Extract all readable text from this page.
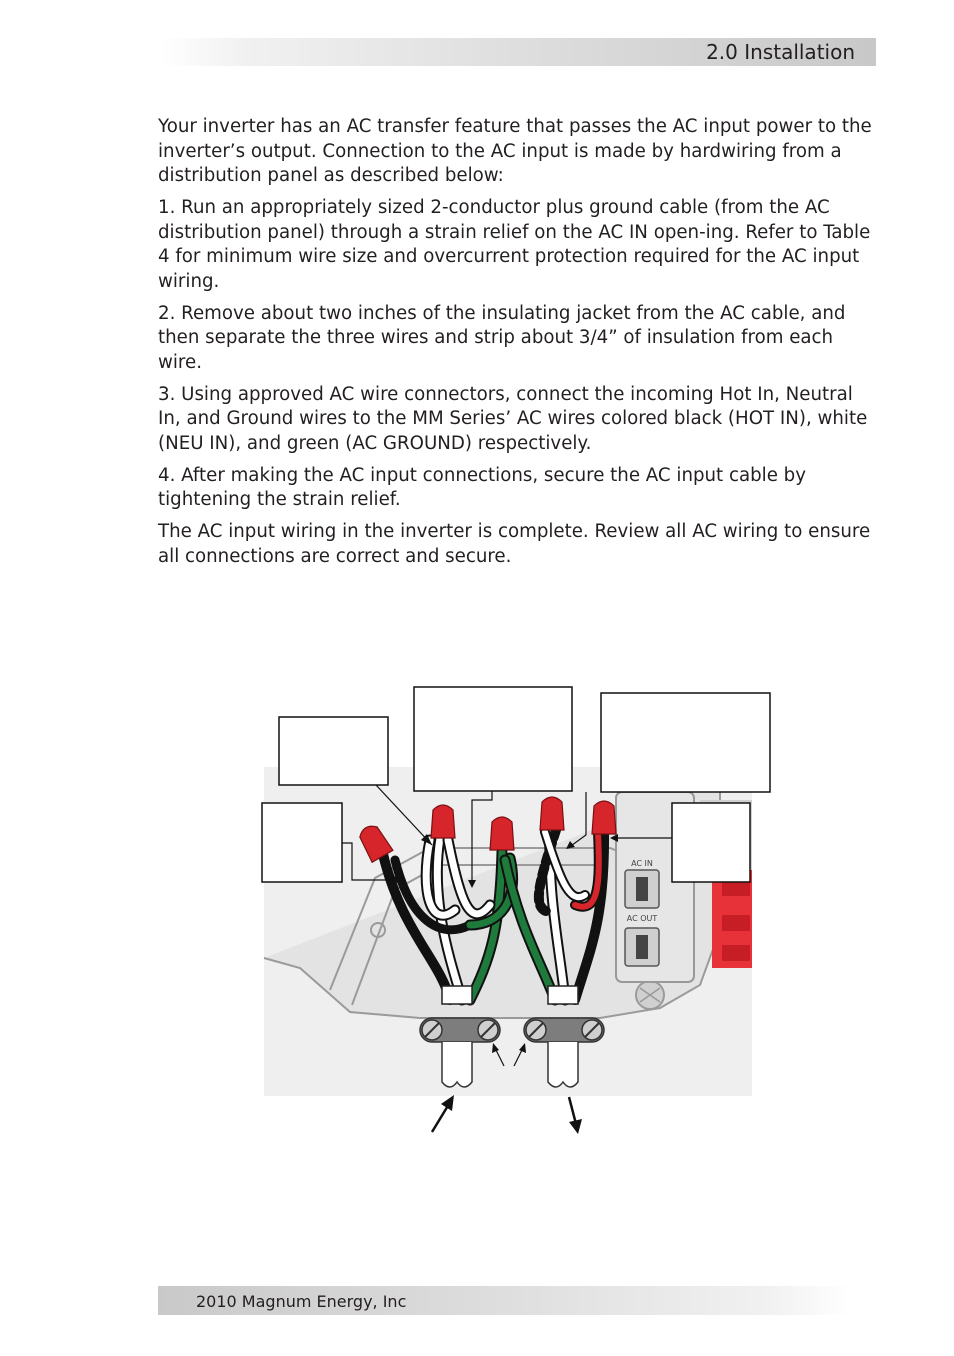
2.0 Installation

Your inverter has an AC transfer feature that passes the AC input power to the inverter’s output. Connection to the AC input is made by hardwiring from a distribution panel as described below:

1. Run an appropriately sized 2-conductor plus ground cable (from the AC distribution panel) through a strain relief on the AC IN open-ing. Refer to Table 4 for minimum wire size and overcurrent protection required for the AC input wiring.

2. Remove about two inches of the insulating jacket from the AC cable, and then separate the three wires and strip about 3/4” of insulation from each wire.

3. Using approved AC wire connectors, connect the incoming Hot In, Neutral In, and Ground wires to the MM Series’ AC wires colored black (HOT IN), white (NEU IN), and green (AC GROUND) respectively.

4. After making the AC input connections, secure the AC input cable by tightening the strain relief.

The AC input wiring in the inverter is complete. Review all AC wiring to ensure all connections are correct and secure.

AC IN
AC OUT
2010 Magnum Energy, Inc
